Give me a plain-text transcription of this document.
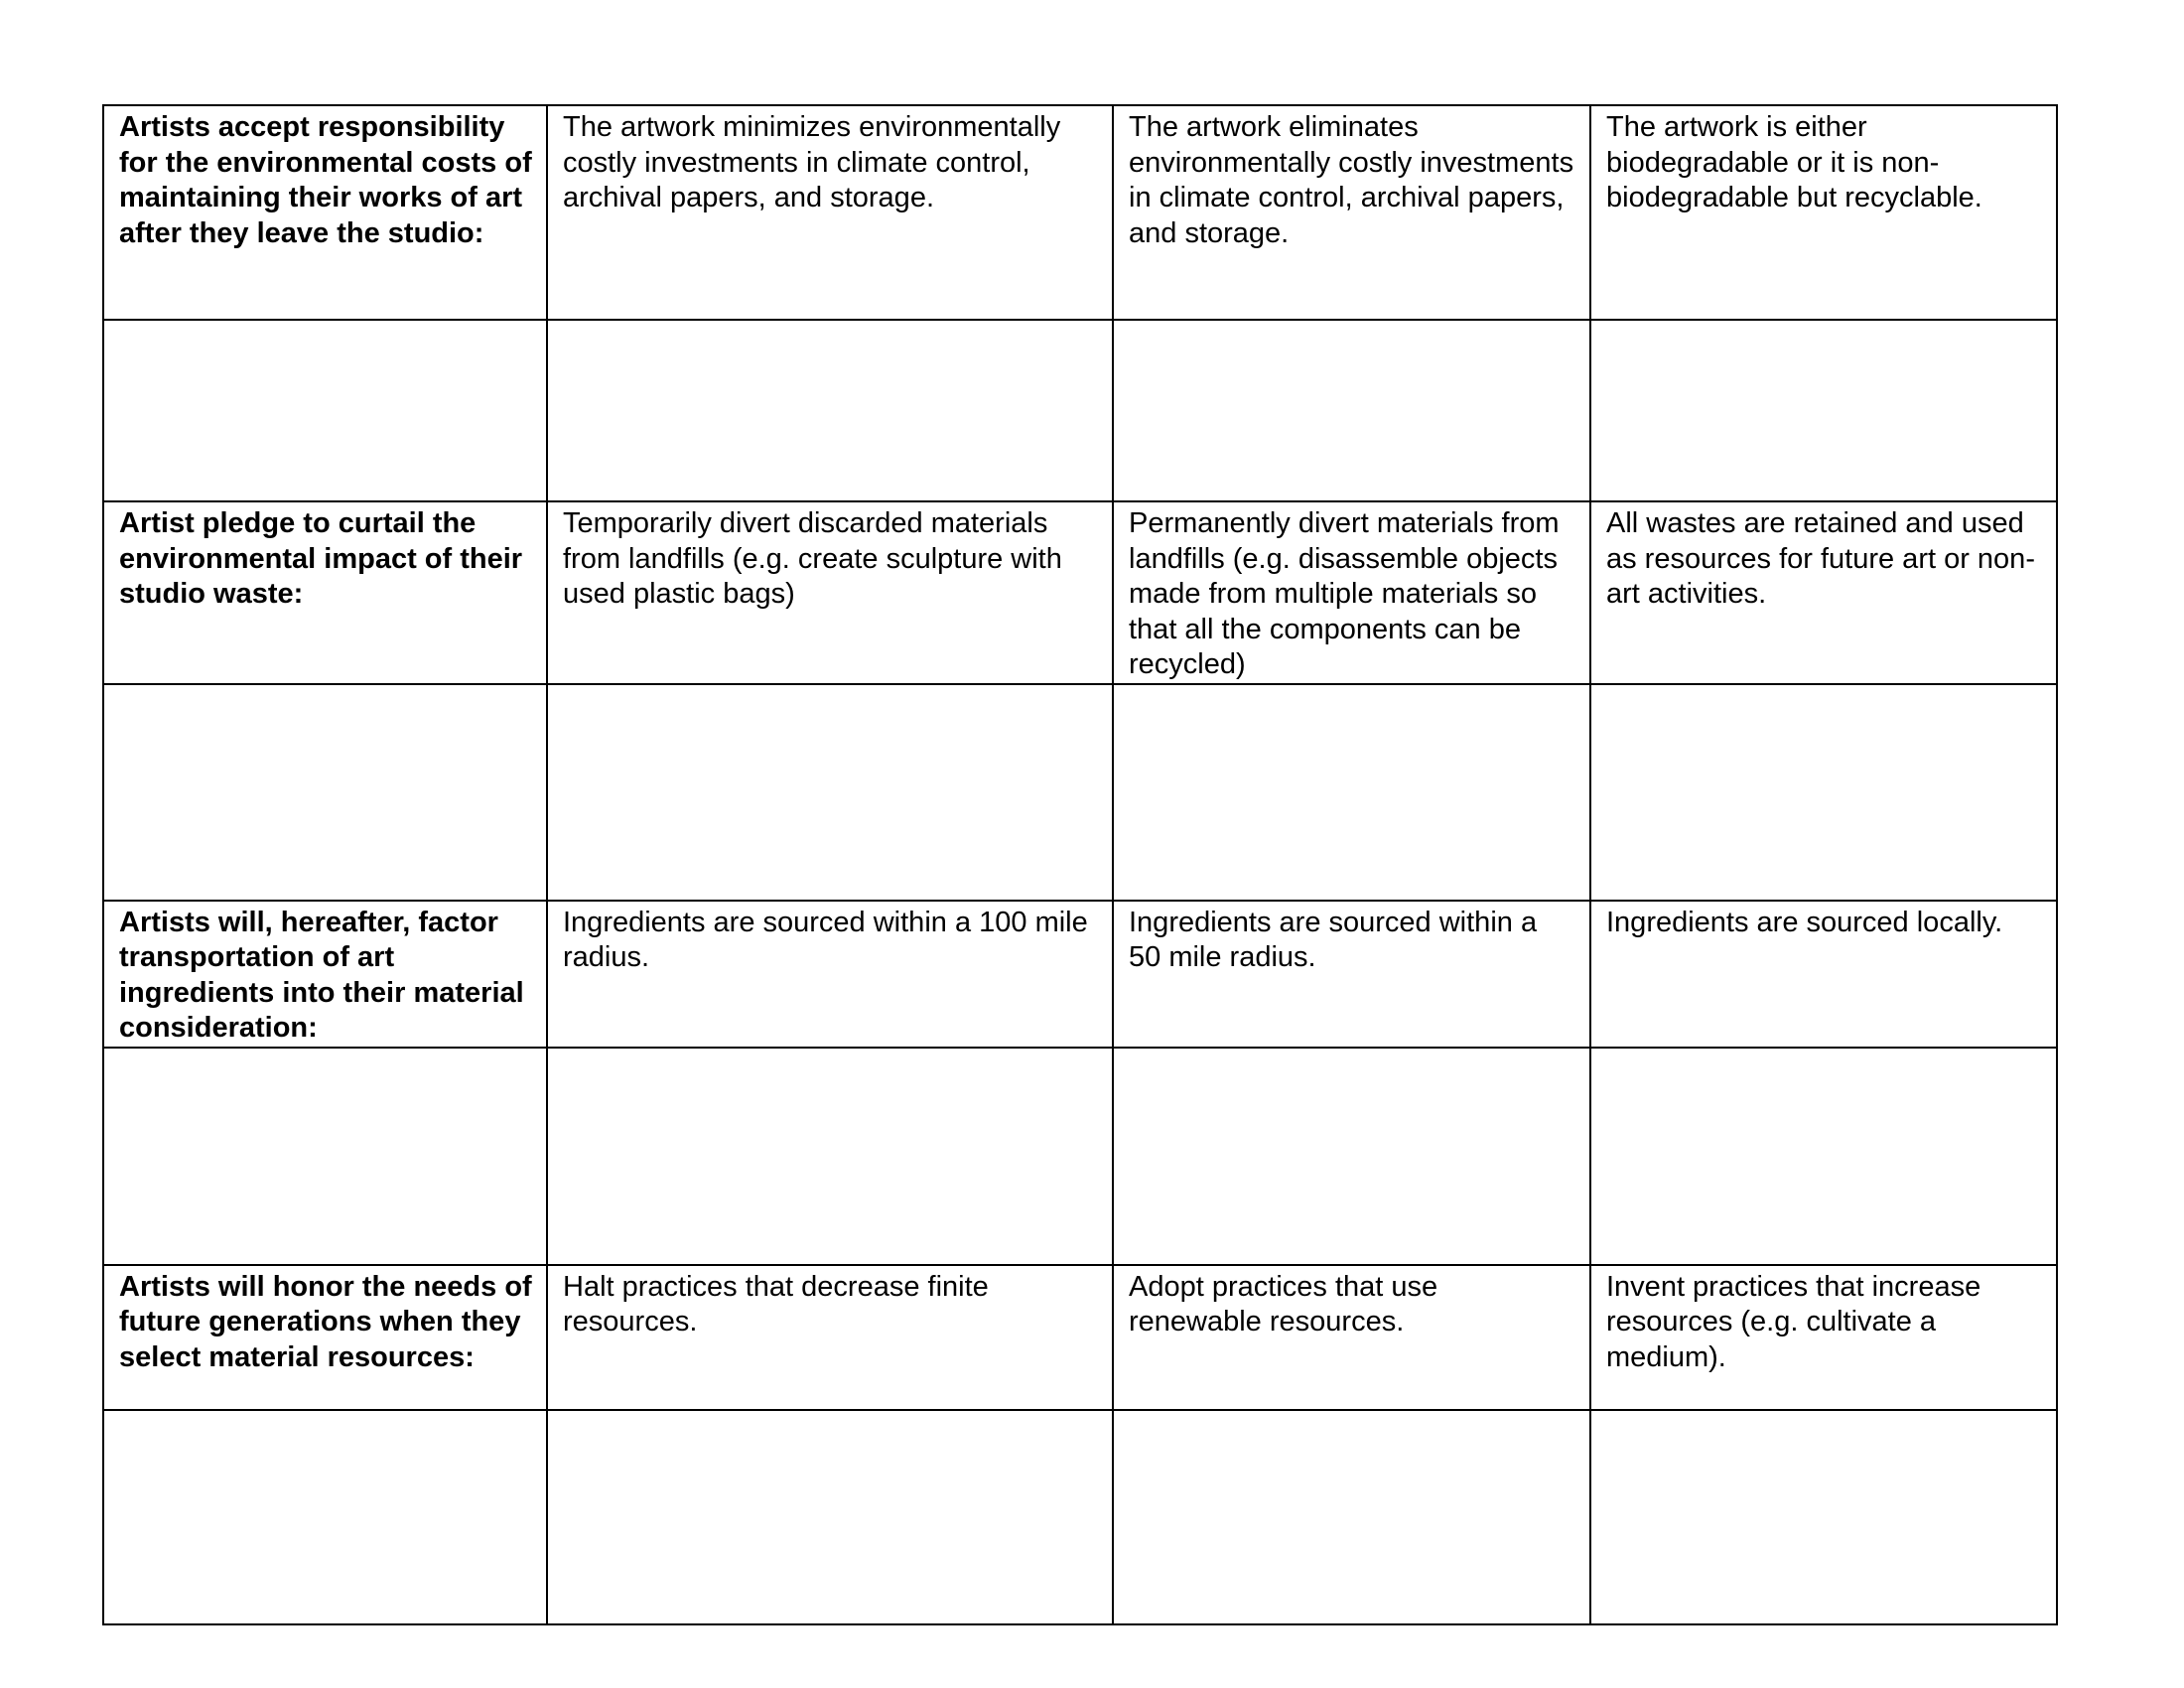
Artists accept responsibility for the environmental costs of maintaining their works of art after they leave the studio:	The artwork minimizes environmentally costly investments in climate control, archival papers, and storage.	The artwork eliminates environmentally costly investments in climate control, archival papers, and storage.	The artwork is either biodegradable or it is non-biodegradable but recyclable.

Artist pledge to curtail the environmental impact of their studio waste:	Temporarily divert discarded materials from landfills (e.g. create sculpture with used plastic bags)	Permanently divert materials from landfills (e.g. disassemble objects made from multiple materials so that all the components can be recycled)	All wastes are retained and used as resources for future art or non-art activities.

Artists will, hereafter, factor transportation of art ingredients into their material consideration:	Ingredients are sourced within a 100 mile radius.	Ingredients are sourced within a 50 mile radius.	Ingredients are sourced locally.

Artists will honor the needs of future generations when they select material resources:	Halt practices that decrease finite resources.	Adopt practices that use renewable resources.	Invent practices that increase resources (e.g. cultivate a medium).
